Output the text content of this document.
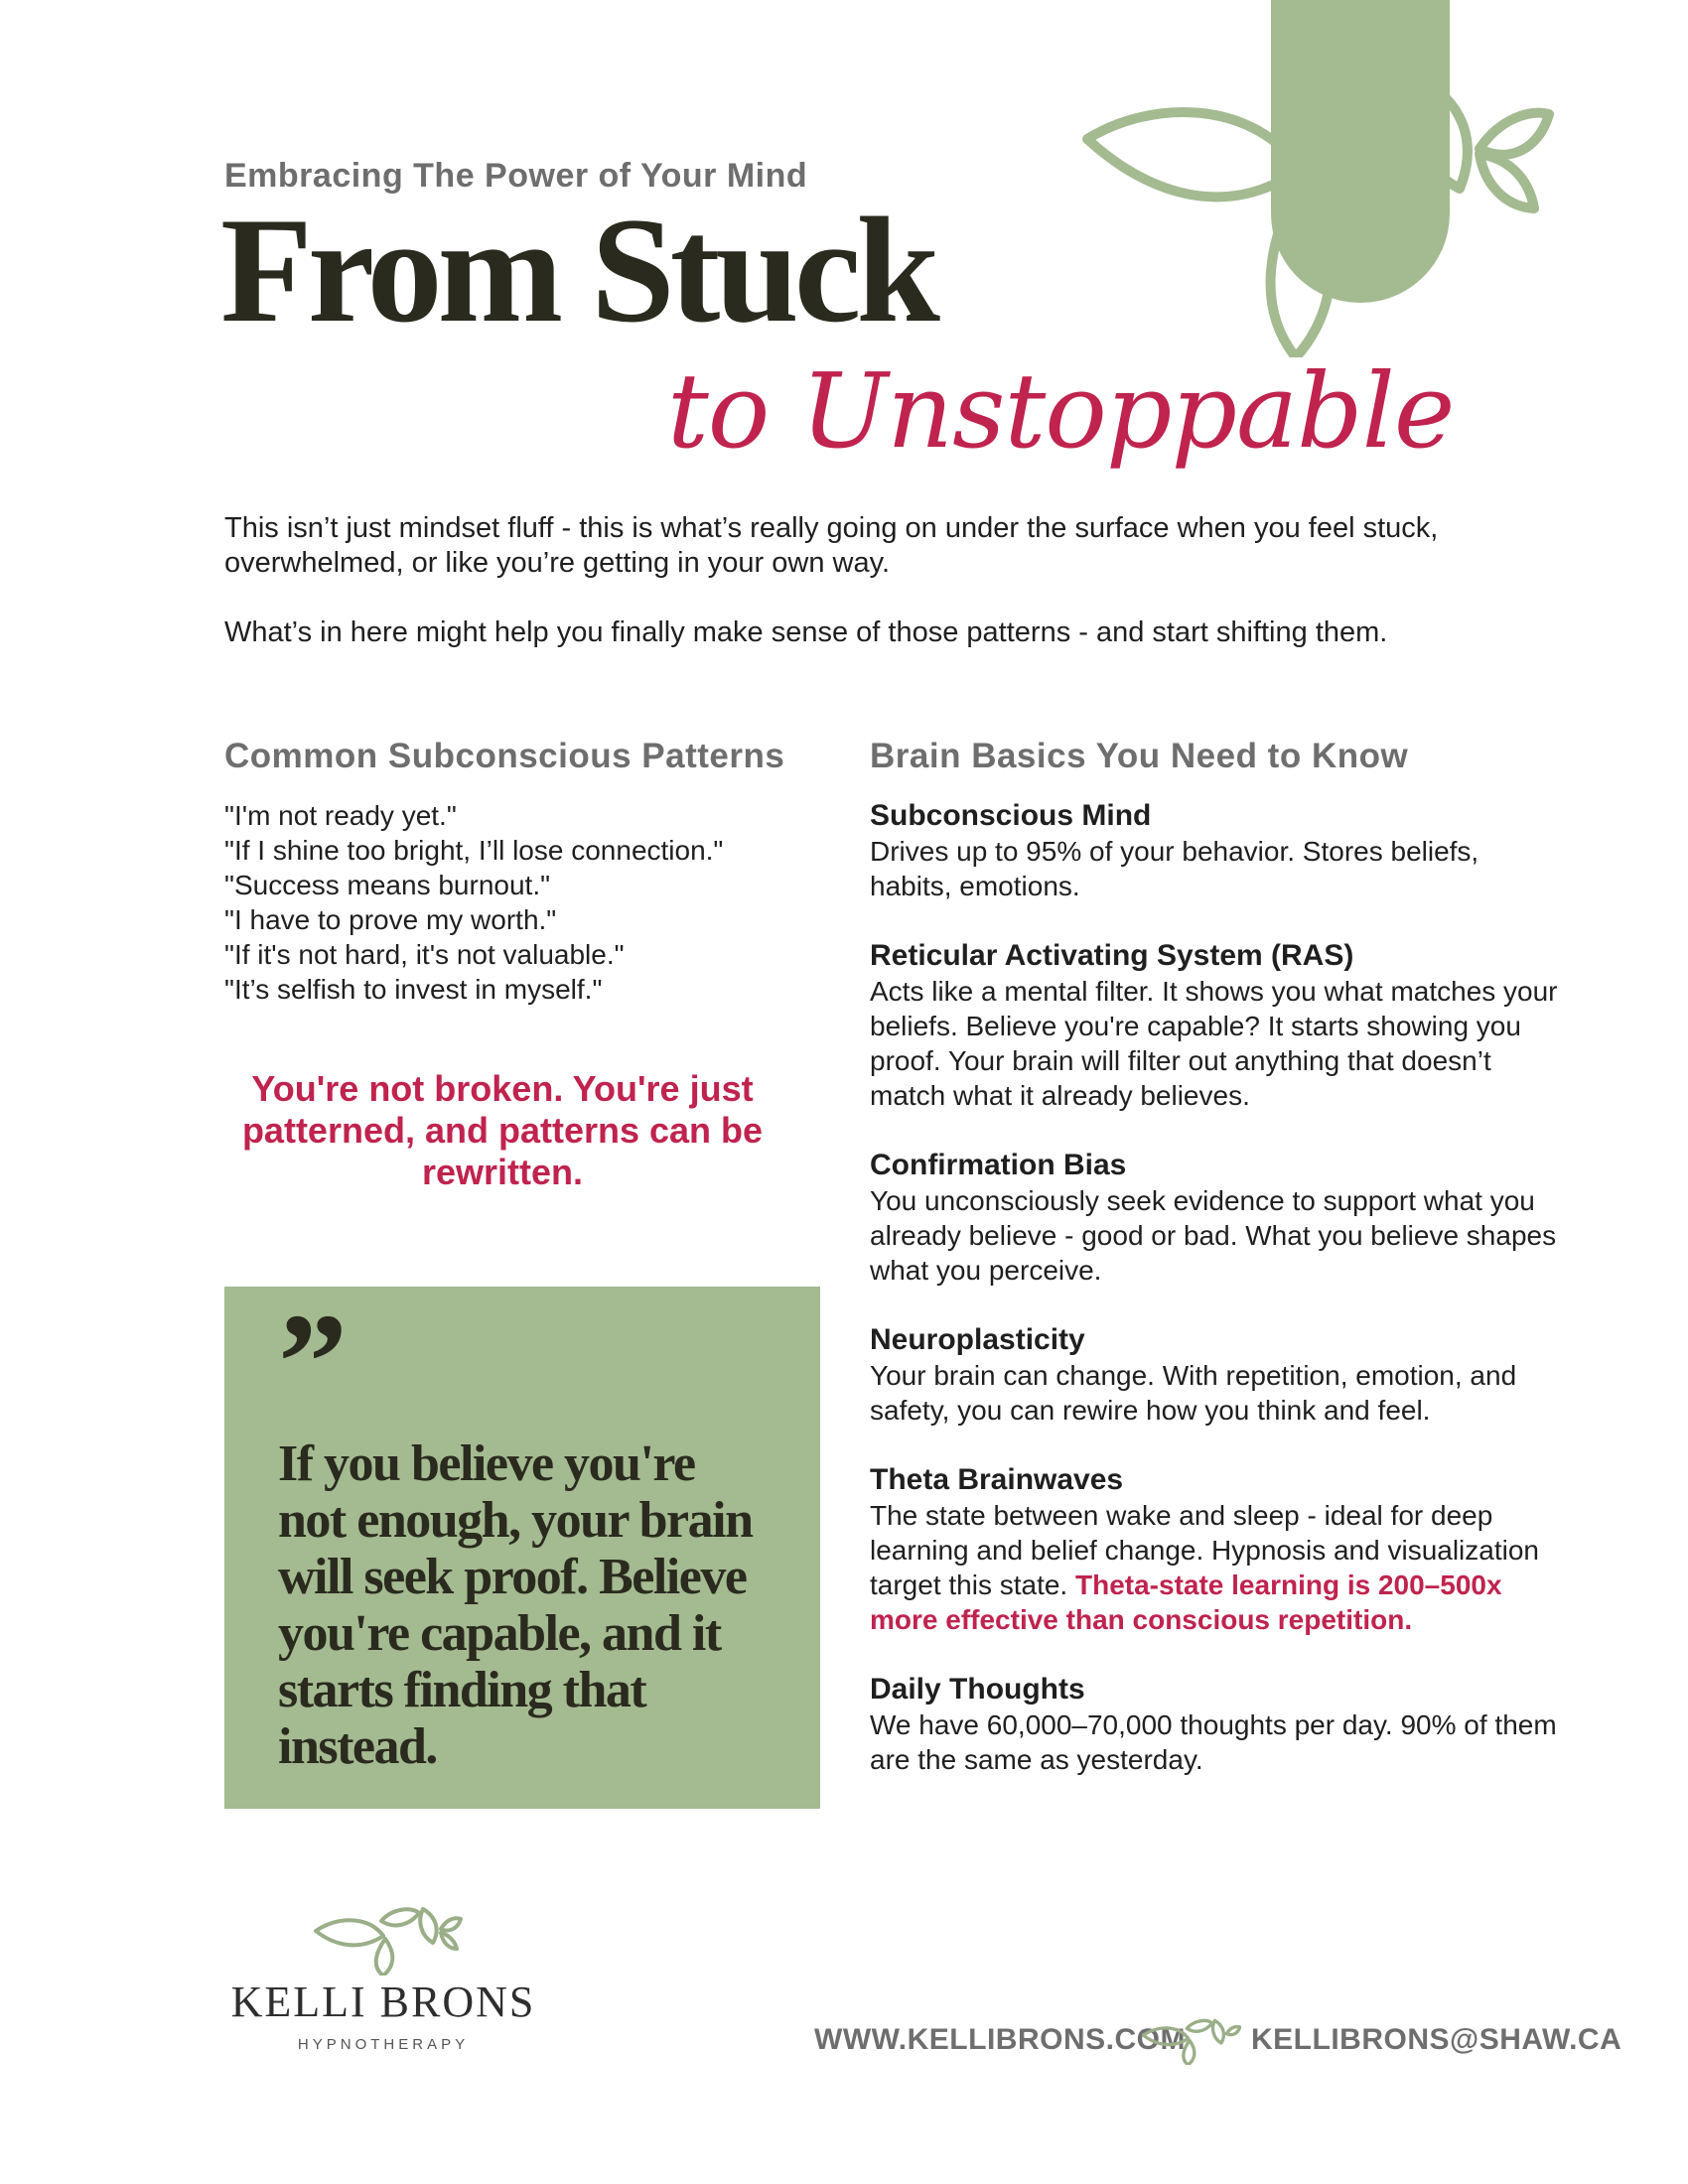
Embracing The Power of Your Mind
From Stuck
to Unstoppable

This isn’t just mindset fluff - this is what’s really going on under the surface when you feel stuck, overwhelmed, or like you’re getting in your own way.

What’s in here might help you finally make sense of those patterns - and start shifting them.

Common Subconscious Patterns
"I'm not ready yet."
"If I shine too bright, I’ll lose connection."
"Success means burnout."
"I have to prove my worth."
"If it's not hard, it's not valuable."
"It’s selfish to invest in myself."

You're not broken. You're just patterned, and patterns can be rewritten.

”

If you believe you're not enough, your brain will seek proof. Believe you're capable, and it starts finding that instead.

Brain Basics You Need to Know

Subconscious Mind

Drives up to 95% of your behavior. Stores beliefs, habits, emotions.

Reticular Activating System (RAS)

Acts like a mental filter. It shows you what matches your beliefs. Believe you're capable? It starts showing you proof. Your brain will filter out anything that doesn’t match what it already believes.

Confirmation Bias

You unconsciously seek evidence to support what you already believe - good or bad. What you believe shapes what you perceive.

Neuroplasticity

Your brain can change. With repetition, emotion, and safety, you can rewire how you think and feel.

Theta Brainwaves

The state between wake and sleep - ideal for deep learning and belief change. Hypnosis and visualization target this state. Theta-state learning is 200–500x more effective than conscious repetition.

Daily Thoughts

We have 60,000–70,000 thoughts per day. 90% of them are the same as yesterday.

KELLI BRONS
HYPNOTHERAPY	WWW.KELLIBRONS.COM KELLIBRONS@SHAW.CA
